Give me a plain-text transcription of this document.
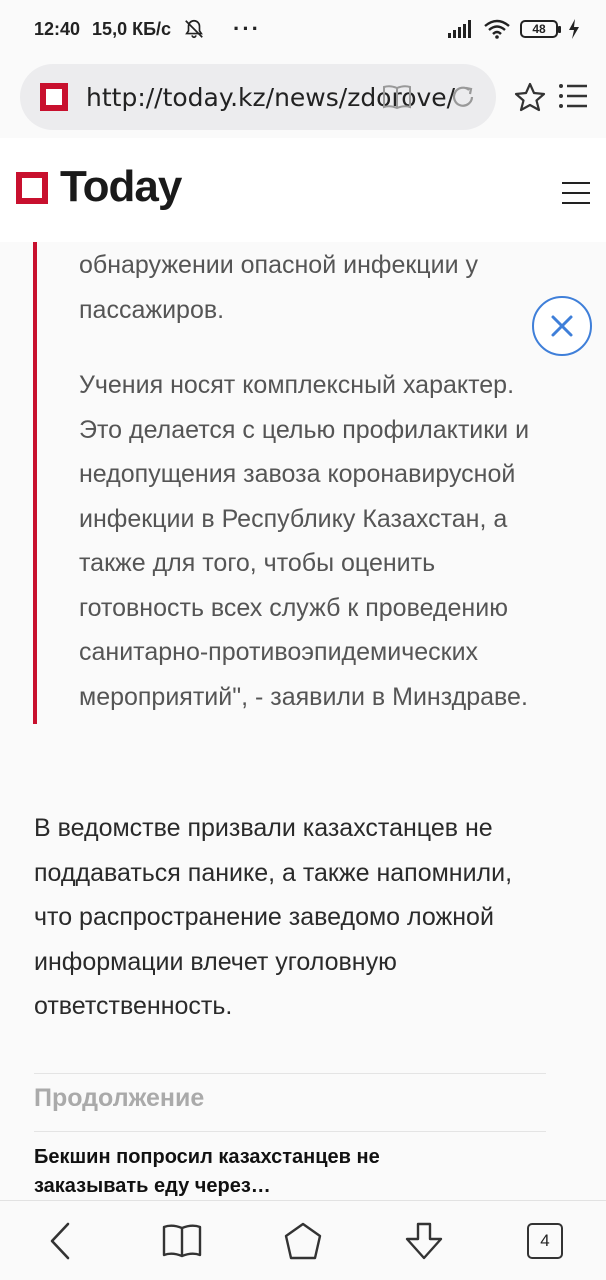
12:40 15,0 КБ/с	···	48
http://today.kz/news/zdorove/
Today

обнаружении опасной инфекции у пассажиров.

Учения носят комплексный характер. Это делается с целью профилактики и недопущения завоза коронавирусной инфекции в Республику Казахстан, а также для того, чтобы оценить готовность всех служб к проведению санитарно-противоэпидемических мероприятий", - заявили в Минздраве.

В ведомстве призвали казахстанцев не поддаваться панике, а также напомнили, что распространение заведомо ложной информации влечет уголовную ответственность.

Продолжение
Бекшин попросил казахстанцев не заказывать еду через…
4
